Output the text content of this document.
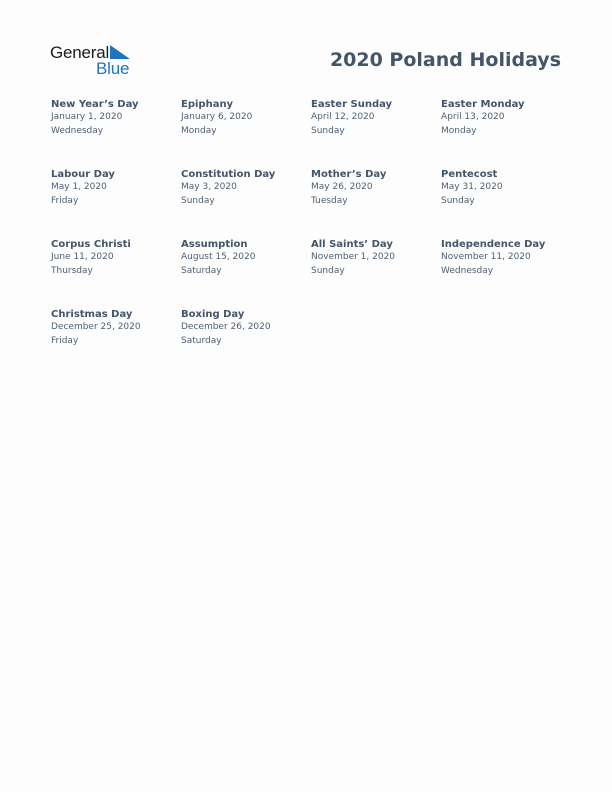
General
Blue	2020 Poland Holidays
New Year’s Day
January 1, 2020
Wednesday
Epiphany
January 6, 2020
Monday
Easter Sunday
April 12, 2020
Sunday
Easter Monday
April 13, 2020
Monday
Labour Day
May 1, 2020
Friday
Constitution Day
May 3, 2020
Sunday
Mother’s Day
May 26, 2020
Tuesday
Pentecost
May 31, 2020
Sunday
Corpus Christi
June 11, 2020
Thursday
Assumption
August 15, 2020
Saturday
All Saints’ Day
November 1, 2020
Sunday
Independence Day
November 11, 2020
Wednesday
Christmas Day
December 25, 2020
Friday
Boxing Day
December 26, 2020
Saturday
